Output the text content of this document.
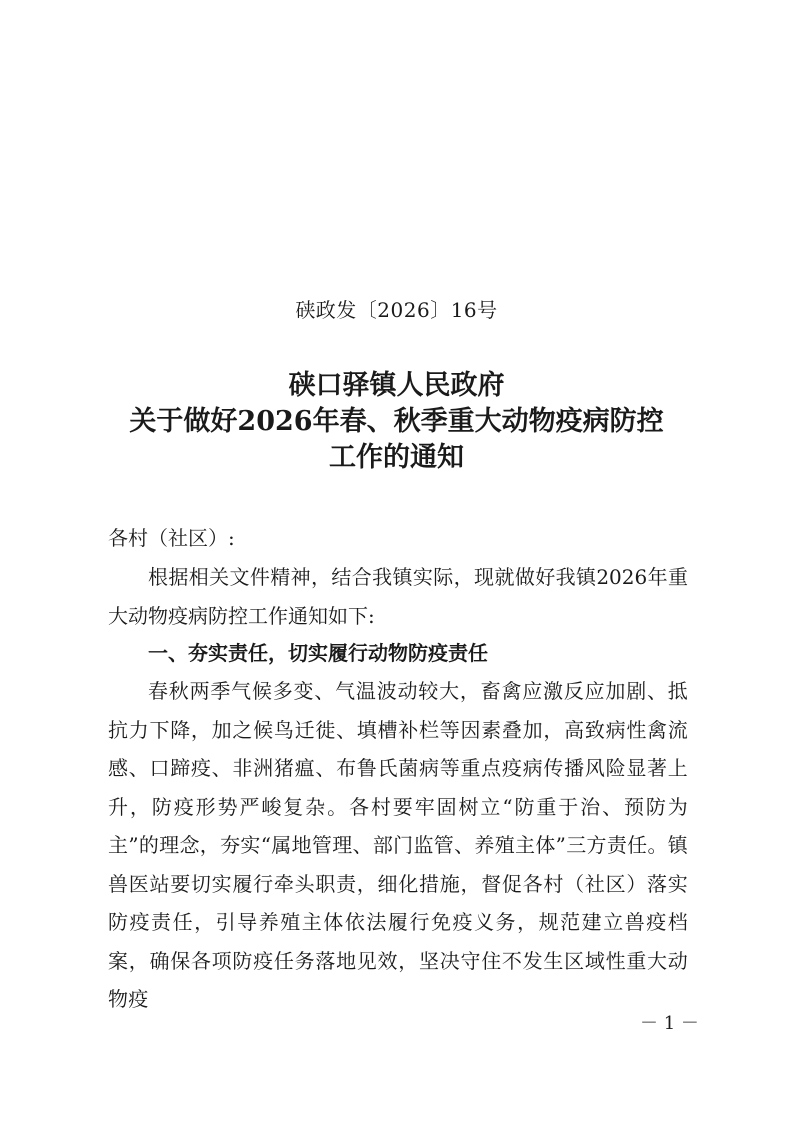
硖政发〔2026〕16号
硖口驿镇人民政府
关于做好2026年春、秋季重大动物疫病防控
工作的通知
各村（社区）:

根据相关文件精神，结合我镇实际，现就做好我镇2026年重大动物疫病防控工作通知如下:

一、夯实责任，切实履行动物防疫责任

春秋两季气候多变、气温波动较大，畜禽应激反应加剧、抵抗力下降，加之候鸟迁徙、填槽补栏等因素叠加，高致病性禽流感、口蹄疫、非洲猪瘟、布鲁氏菌病等重点疫病传播风险显著上升，防疫形势严峻复杂。各村要牢固树立“防重于治、预防为主”的理念，夯实“属地管理、部门监管、养殖主体”三方责任。镇兽医站要切实履行牵头职责，细化措施，督促各村（社区）落实防疫责任，引导养殖主体依法履行免疫义务，规范建立兽疫档案，确保各项防疫任务落地见效，坚决守住不发生区域性重大动物疫

－ 1 －
